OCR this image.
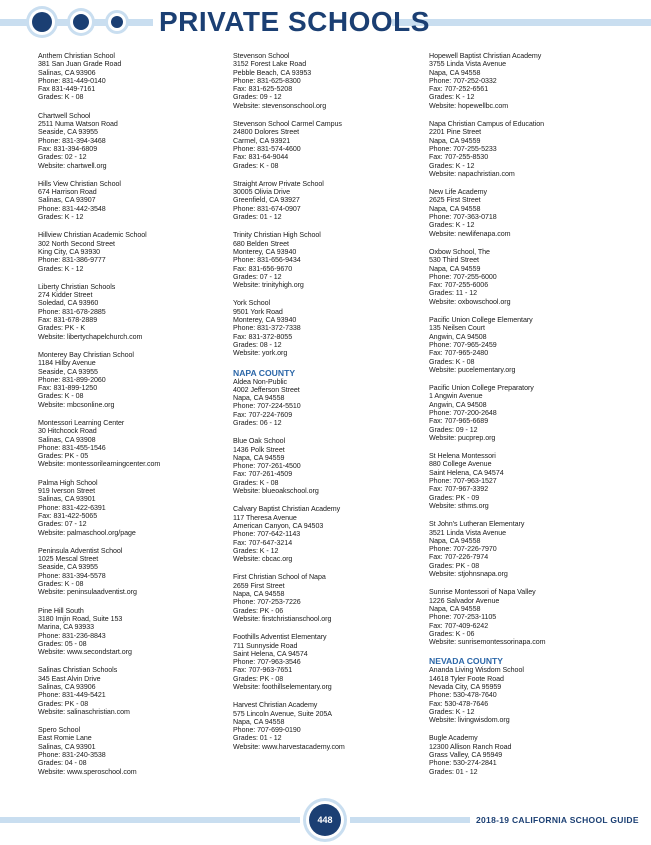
PRIVATE SCHOOLS
Anthem Christian School
381 San Juan Grade Road
Salinas, CA 93906
Phone: 831-449-0140
Fax 831-449-7161
Grades: K - 08
Chartwell School
2511 Numa Watson Road
Seaside, CA 93955
Phone: 831-394-3468
Fax: 831-394-6809
Grades: 02 - 12
Website: chartwell.org
Hills View Christian School
674 Harrison Road
Salinas, CA 93907
Phone: 831-442-3548
Grades: K - 12
Hillview Christian Academic School
302 North Second Street
King City, CA 93930
Phone: 831-386-9777
Grades: K - 12
Liberty Christian Schools
274 Kidder Street
Soledad, CA 93960
Phone: 831-678-2885
Fax: 831-678-2889
Grades: PK - K
Website: libertychapelchurch.com
Monterey Bay Christian School
1184 Hilby Avenue
Seaside, CA 93955
Phone: 831-899-2060
Fax: 831-899-1250
Grades: K - 08
Website: mbcsonline.org
Montessori Learning Center
30 Hitchcock Road
Salinas, CA 93908
Phone: 831-455-1546
Grades: PK - 05
Website: montessorilearningcenter.com
Palma High School
919 Iverson Street
Salinas, CA 93901
Phone: 831-422-6391
Fax: 831-422-5065
Grades: 07 - 12
Website: palmaschool.org/page
Peninsula Adventist School
1025 Mescal Street
Seaside, CA 93955
Phone: 831-394-5578
Grades: K - 08
Website: peninsulaadventist.org
Pine Hill South
3180 Imjin Road, Suite 153
Marina, CA 93933
Phone: 831-236-8843
Grades: 05 - 08
Website: www.secondstart.org
Salinas Christian Schools
345 East Alvin Drive
Salinas, CA 93906
Phone: 831-449-5421
Grades: PK - 08
Website: salinaschristian.com
Spero School
East Romie Lane
Salinas, CA 93901
Phone: 831-240-3538
Grades: 04 - 08
Website: www.speroschool.com
Stevenson School
3152 Forest Lake Road
Pebble Beach, CA 93953
Phone: 831-625-8300
Fax: 831-625-5208
Grades: 09 - 12
Website: stevensonschool.org
Stevenson School Carmel Campus
24800 Dolores Street
Carmel, CA 93921
Phone: 831-574-4600
Fax: 831-64-9044
Grades: K - 08
Straight Arrow Private School
30005 Olivia Drive
Greenfield, CA 93927
Phone: 831-674-0907
Grades: 01 - 12
Trinity Christian High School
680 Belden Street
Monterey, CA 93940
Phone: 831-656-9434
Fax: 831-656-9670
Grades: 07 - 12
Website: trinityhigh.org
York School
9501 York Road
Monterey, CA 93940
Phone: 831-372-7338
Fax: 831-372-8055
Grades: 08 - 12
Website: york.org
NAPA COUNTY
Aldea Non-Public
4002 Jefferson Street
Napa, CA 94558
Phone: 707-224-5510
Fax: 707-224-7609
Grades: 06 - 12
Blue Oak School
1436 Polk Street
Napa, CA 94559
Phone: 707-261-4500
Fax: 707-261-4509
Grades: K - 08
Website: blueoakschool.org
Calvary Baptist Christian Academy
117 Theresa Avenue
American Canyon, CA 94503
Phone: 707-642-1143
Fax: 707-647-3214
Grades: K - 12
Website: cbcac.org
First Christian School of Napa
2659 First Street
Napa, CA 94558
Phone: 707-253-7226
Grades: PK - 06
Website: firstchristianschool.org
Foothills Adventist Elementary
711 Sunnyside Road
Saint Helena, CA 94574
Phone: 707-963-3546
Fax: 707-963-7651
Grades: PK - 08
Website: foothillselementary.org
Harvest Christian Academy
575 Lincoln Avenue, Suite 205A
Napa, CA 94558
Phone: 707-699-0190
Grades: 01 - 12
Website: www.harvestacademy.com
Hopewell Baptist Christian Academy
3755 Linda Vista Avenue
Napa, CA 94558
Phone: 707-252-0332
Fax: 707-252-6561
Grades: K - 12
Website: hopewellbc.com
Napa Christian Campus of Education
2201 Pine Street
Napa, CA 94559
Phone: 707-255-5233
Fax: 707-255-8530
Grades: K - 12
Website: napachristian.com
New Life Academy
2625 First Street
Napa, CA 94558
Phone: 707-363-0718
Grades: K - 12
Website: newlifenapa.com
Oxbow School, The
530 Third Street
Napa, CA 94559
Phone: 707-255-6000
Fax: 707-255-6006
Grades: 11 - 12
Website: oxbowschool.org
Pacific Union College Elementary
135 Neilsen Court
Angwin, CA 94508
Phone: 707-965-2459
Fax: 707-965-2480
Grades: K - 08
Website: pucelementary.org
Pacific Union College Preparatory
1 Angwin Avenue
Angwin, CA 94508
Phone: 707-200-2648
Fax: 707-965-6689
Grades: 09 - 12
Website: pucprep.org
St Helena Montessori
880 College Avenue
Saint Helena, CA 94574
Phone: 707-963-1527
Fax: 707-967-3392
Grades: PK - 09
Website: sthms.org
St John's Lutheran Elementary
3521 Linda Vista Avenue
Napa, CA 94558
Phone: 707-226-7970
Fax: 707-226-7974
Grades: PK - 08
Website: stjohnsnapa.org
Sunrise Montessori of Napa Valley
1226 Salvador Avenue
Napa, CA 94558
Phone: 707-253-1105
Fax: 707-409-6242
Grades: K - 06
Website: sunrisemontessorinapa.com
NEVADA COUNTY
Ananda Living Wisdom School
14618 Tyler Foote Road
Nevada City, CA 95959
Phone: 530-478-7640
Fax: 530-478-7646
Grades: K - 12
Website: livingwisdom.org
Bugle Academy
12300 Allison Ranch Road
Grass Valley, CA 95949
Phone: 530-274-2841
Grades: 01 - 12
448	2018-19 CALIFORNIA SCHOOL GUIDE
